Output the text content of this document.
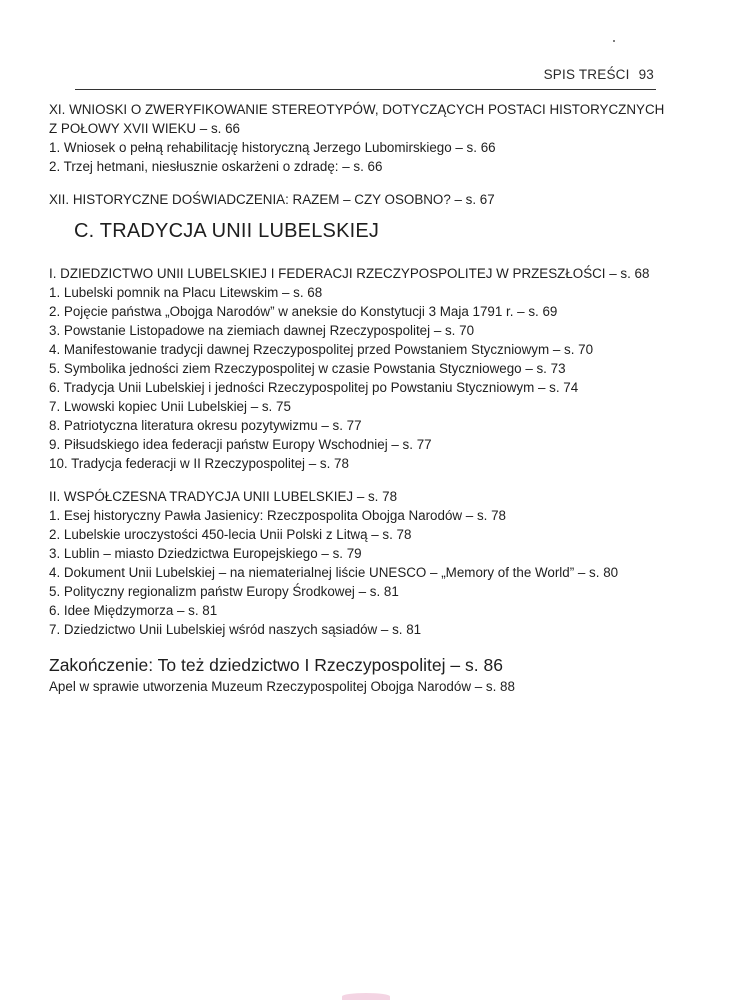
SPIS TREŚCI 93
XI. WNIOSKI O ZWERYFIKOWANIE STEREOTYPÓW, DOTYCZĄCYCH POSTACI HISTORYCZNYCH
Z POŁOWY XVII WIEKU – s. 66
1. Wniosek o pełną rehabilitację historyczną Jerzego Lubomirskiego – s. 66
2. Trzej hetmani, niesłusznie oskarżeni o zdradę: – s. 66
XII. HISTORYCZNE DOŚWIADCZENIA: RAZEM – CZY OSOBNO? – s. 67
C. TRADYCJA UNII LUBELSKIEJ
I. DZIEDZICTWO UNII LUBELSKIEJ I FEDERACJI RZECZYPOSPOLITEJ W PRZESZŁOŚCI – s. 68
1. Lubelski pomnik na Placu Litewskim – s. 68
2. Pojęcie państwa „Obojga Narodów” w aneksie do Konstytucji 3 Maja 1791 r. – s. 69
3. Powstanie Listopadowe na ziemiach dawnej Rzeczypospolitej – s. 70
4. Manifestowanie tradycji dawnej Rzeczypospolitej przed Powstaniem Styczniowym – s. 70
5. Symbolika jedności ziem Rzeczypospolitej w czasie Powstania Styczniowego – s. 73
6. Tradycja Unii Lubelskiej i jedności Rzeczypospolitej po Powstaniu Styczniowym – s. 74
7. Lwowski kopiec Unii Lubelskiej – s. 75
8. Patriotyczna literatura okresu pozytywizmu – s. 77
9. Piłsudskiego idea federacji państw Europy Wschodniej – s. 77
10. Tradycja federacji w II Rzeczypospolitej – s. 78
II. WSPÓŁCZESNA TRADYCJA UNII LUBELSKIEJ – s. 78
1. Esej historyczny Pawła Jasienicy: Rzeczpospolita Obojga Narodów – s. 78
2. Lubelskie uroczystości 450-lecia Unii Polski z Litwą – s. 78
3. Lublin – miasto Dziedzictwa Europejskiego – s. 79
4. Dokument Unii Lubelskiej – na niematerialnej liście UNESCO – „Memory of the World” – s. 80
5. Polityczny regionalizm państw Europy Środkowej – s. 81
6. Idee Międzymorza – s. 81
7. Dziedzictwo Unii Lubelskiej wśród naszych sąsiadów – s. 81
Zakończenie: To też dziedzictwo I Rzeczypospolitej – s. 86
Apel w sprawie utworzenia Muzeum Rzeczypospolitej Obojga Narodów – s. 88
